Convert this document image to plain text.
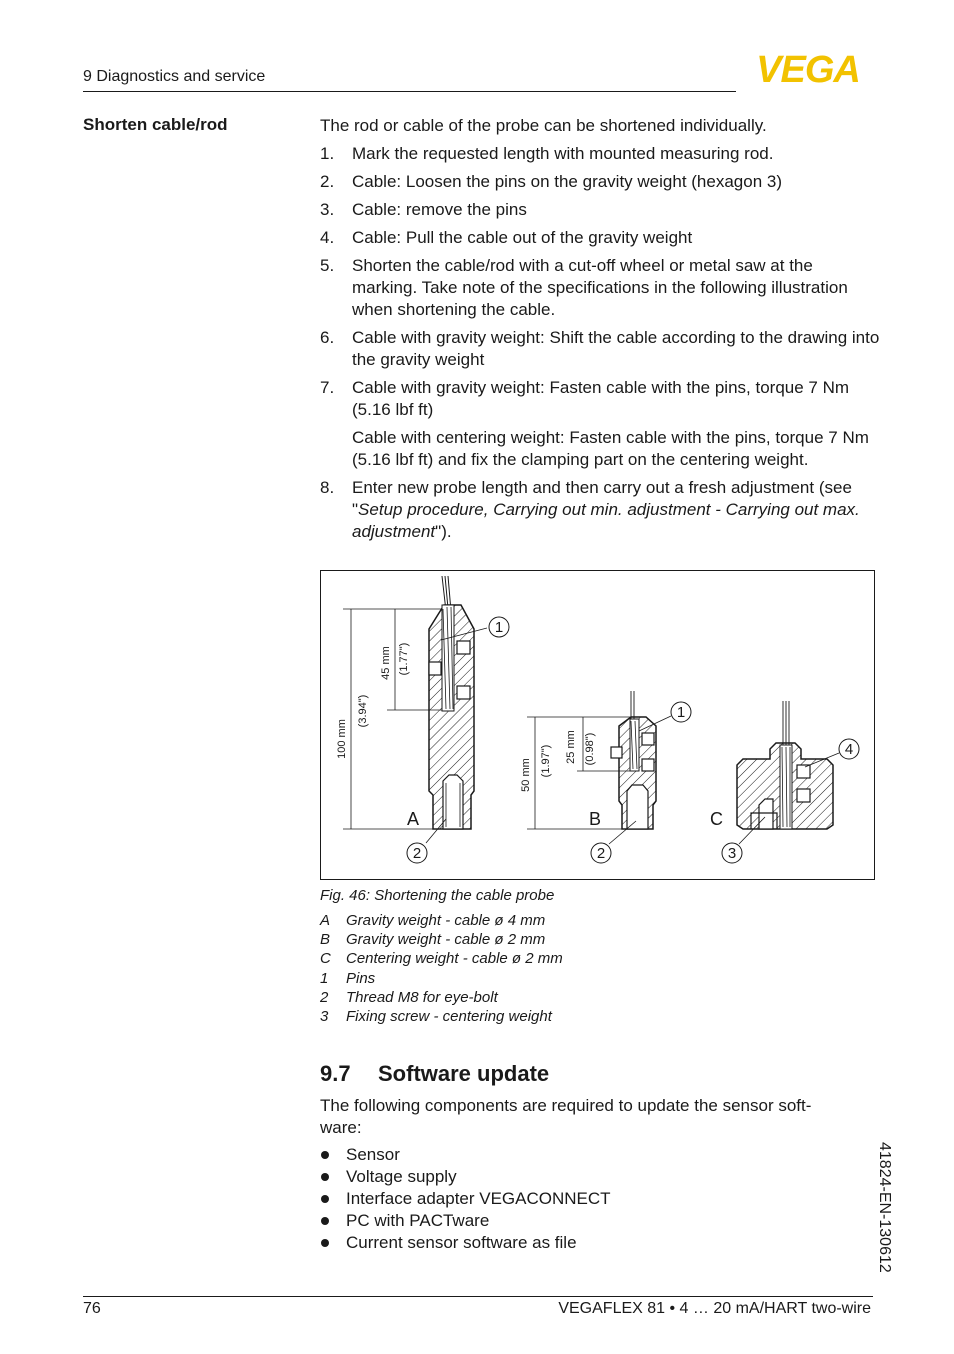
9 Diagnostics and service	VEGA
Shorten cable/rod	The rod or cable of the probe can be shortened individually.
1. Mark the requested length with mounted measuring rod.
2. Cable: Loosen the pins on the gravity weight (hexagon 3)
3. Cable: remove the pins
4. Cable: Pull the cable out of the gravity weight
5. Shorten the cable/rod with a cut-off wheel or metal saw at the marking. Take note of the specifications in the following illustration when shortening the cable.
6. Cable with gravity weight: Shift the cable according to the drawing into the gravity weight
7. Cable with gravity weight: Fasten cable with the pins, torque 7 Nm (5.16 lbf ft)

Cable with centering weight: Fasten cable with the pins, torque 7 Nm (5.16 lbf ft) and fix the clamping part on the centering weight.

8. Enter new probe length and then carry out a fresh adjustment (see "Setup procedure, Carrying out min. adjustment - Carrying out max. adjustment").
100 mm
(3.94")
45 mm (1.77")
A
1
2
50 mm (1.97") 25 mm (0.98")
B
1
2
C
4
3
Fig. 46: Shortening the cable probe
A Gravity weight - cable ø 4 mm
B Gravity weight - cable ø 2 mm
C Centering weight - cable ø 2 mm
1 Pins
2 Thread M8 for eye-bolt
3 Fixing screw - centering weight
9.7 Software update
The following components are required to update the sensor soft-ware:
Sensor
Voltage supply
Interface adapter VEGACONNECT
PC with PACTware
Current sensor software as file	41824-EN-130612
76	VEGAFLEX 81 • 4 … 20 mA/HART two-wire
